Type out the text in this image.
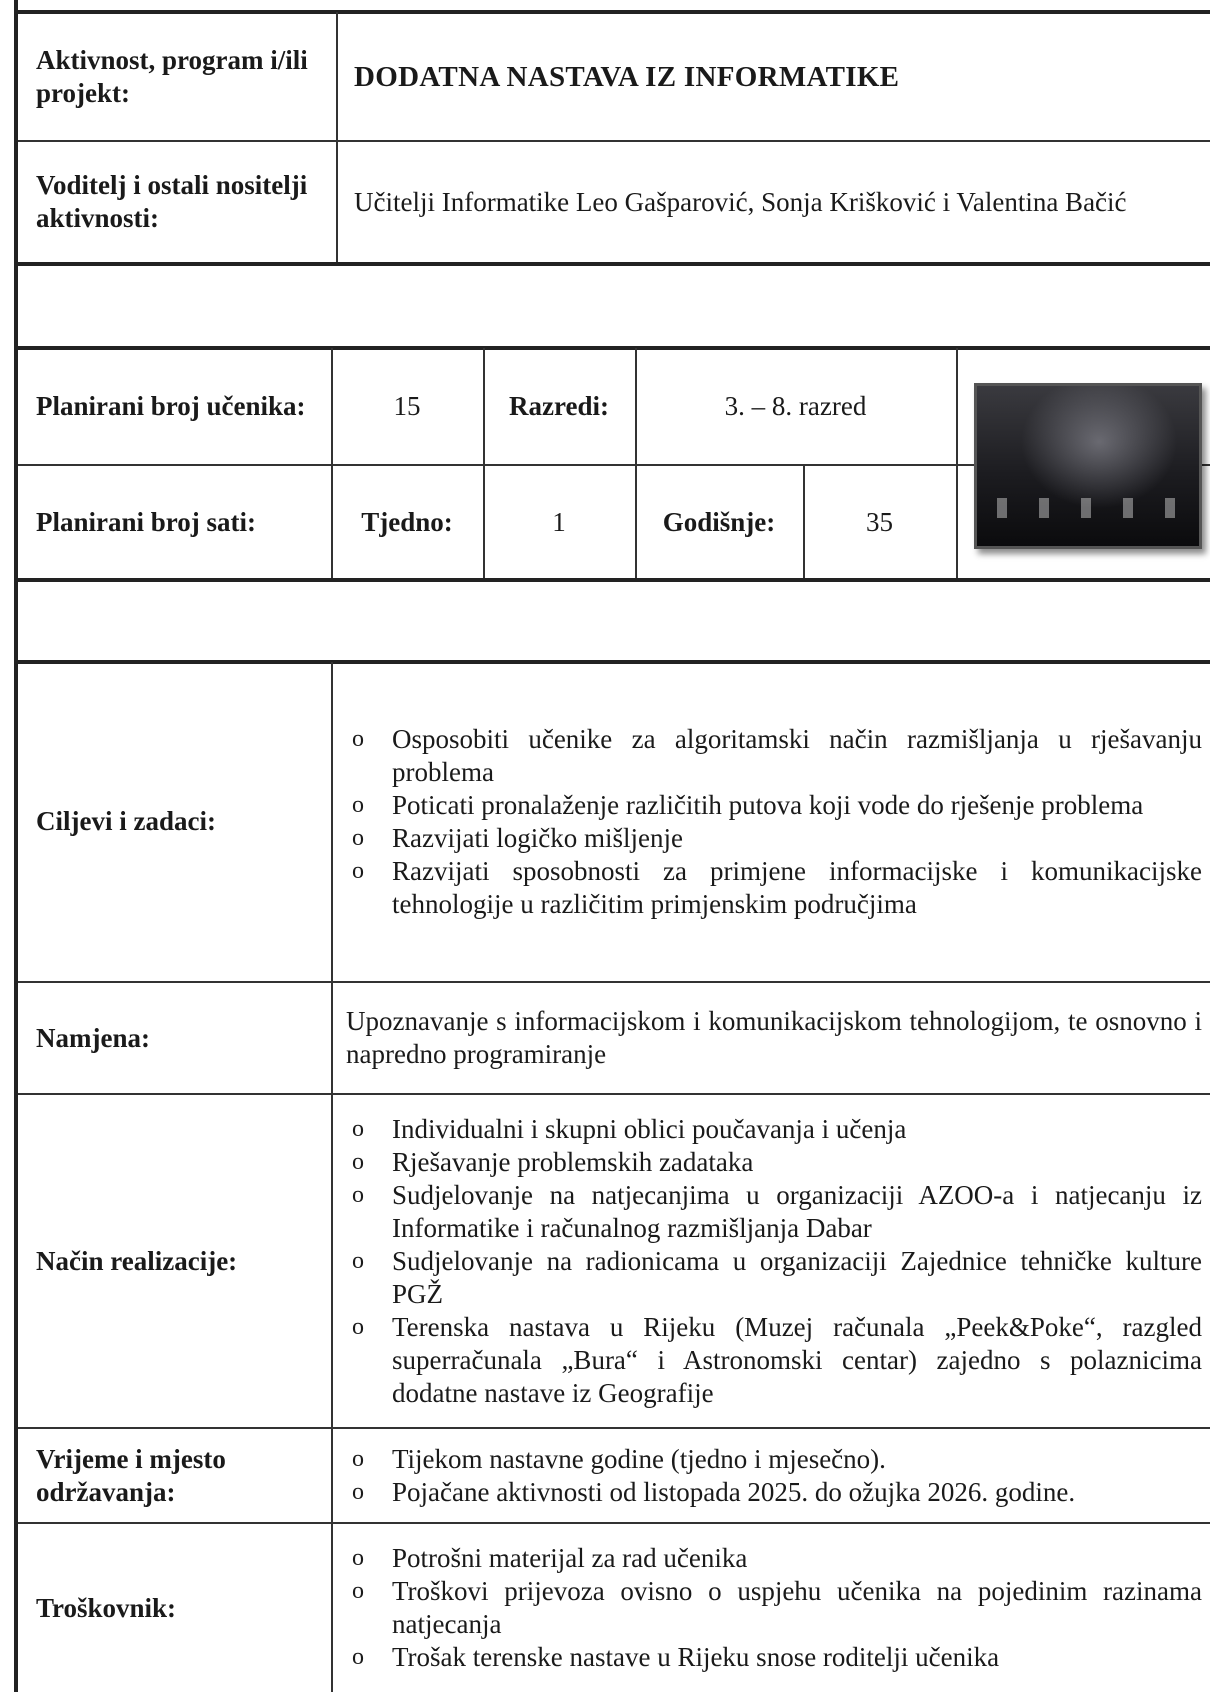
Aktivnost, program i/ili projekt:
DODATNA NASTAVA IZ INFORMATIKE
Voditelj i ostali nositelji aktivnosti:
Učitelji Informatike Leo Gašparović, Sonja Krišković i Valentina Bačić
Planirani broj učenika:	15	Razredi:	3. – 8. razred
Planirani broj sati:	Tjedno:	1	Godišnje:	35
Ciljevi i zadaci:
o Osposobiti učenike za algoritamski način razmišljanja u rješavanju problema
o Poticati pronalaženje različitih putova koji vode do rješenje problema
o Razvijati logičko mišljenje
o Razvijati sposobnosti za primjene informacijske i komunikacijske tehnologije u različitim primjenskim područjima
Namjena:
Upoznavanje s informacijskom i komunikacijskom tehnologijom, te osnovno i napredno programiranje
Način realizacije:
o Individualni i skupni oblici poučavanja i učenja
o Rješavanje problemskih zadataka
o Sudjelovanje na natjecanjima u organizaciji AZOO-a i natjecanju iz Informatike i računalnog razmišljanja Dabar
o Sudjelovanje na radionicama u organizaciji Zajednice tehničke kulture PGŽ
o Terenska nastava u Rijeku (Muzej računala „Peek&Poke“, razgled superračunala „Bura“ i Astronomski centar) zajedno s polaznicima dodatne nastave iz Geografije
Vrijeme i mjesto održavanja:
o Tijekom nastavne godine (tjedno i mjesečno).
o Pojačane aktivnosti od listopada 2025. do ožujka 2026. godine.
Troškovnik:
o Potrošni materijal za rad učenika
o Troškovi prijevoza ovisno o uspjehu učenika na pojedinim razinama natjecanja
o Trošak terenske nastave u Rijeku snose roditelji učenika
